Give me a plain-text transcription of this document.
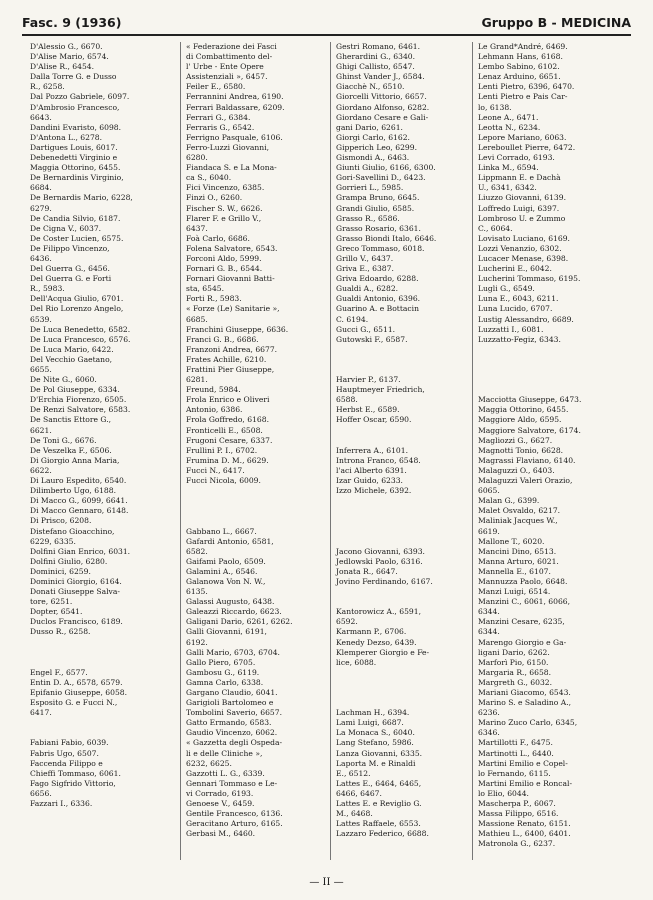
Fasc. 9 (1936)	Gruppo B - MEDICINA
D'Alessio G., 6670.
D'Alise Mario, 6574.
D'Alise R., 6454.
Dalla Torre G. e Dusso
R., 6258.
Dal Pozzo Gabriele, 6097.
D'Ambrosio Francesco,
6643.
Dandini Evaristo, 6098.
D'Antona L., 6278.
Dartigues Louis, 6017.
Debenedetti Virginio e
Maggia Ottorino, 6455.
De Bernardinis Virginio,
6684.
De Bernardis Mario, 6228,
6279.
De Candia Silvio, 6187.
De Cigna V., 6037.
De Coster Lucien, 6575.
De Filippo Vincenzo,
6436.
Del Guerra G., 6456.
Del Guerra G. e Forti
R., 5983.
Dell'Acqua Giulio, 6701.
Del Rio Lorenzo Angelo,
6539.
De Luca Benedetto, 6582.
De Luca Francesco, 6576.
De Luca Mario, 6422.
Del Vecchio Gaetano,
6655.
De Nite G., 6060.
De Pol Giuseppe, 6334.
D'Erchia Fiorenzo, 6505.
De Renzi Salvatore, 6583.
De Sanctis Ettore G.,
6621.
De Toni G., 6676.
De Veszelka F., 6506.
Di Giorgio Anna Maria,
6622.
Di Lauro Espedito, 6540.
Dilimberto Ugo, 6188.
Di Macco G., 6099, 6641.
Di Macco Gennaro, 6148.
Di Prisco, 6208.
Distefano Gioacchino,
6229, 6335.
Dolfini Gian Enrico, 6031.
Dolfini Giulio, 6280.
Dominici, 6259.
Dominici Giorgio, 6164.
Donati Giuseppe Salva-
tore, 6251.
Dopter, 6541.
Duclos Francisco, 6189.
Dusso R., 6258.
Engel F., 6577.
Entin D. A., 6578, 6579.
Epifanio Giuseppe, 6058.
Esposito G. e Fucci N.,
6417.
Fabiani Fabio, 6039.
Fabris Ugo, 6507.
Faccenda Filippo e
Chieffi Tommaso, 6061.
Fago Sigfrido Vittorio,
6656.
Fazzari I., 6336.
« Federazione dei Fasci
di Combattimento del-
l' Urbe - Ente Opere
Assistenziali », 6457.
Feiler E., 6580.
Ferrannini Andrea, 6190.
Ferrari Baldassare, 6209.
Ferrari G., 6384.
Ferraris G., 6542.
Ferrigno Pasquale, 6106.
Ferro-Luzzi Giovanni,
6280.
Fiandaca S. e La Mona-
ca S., 6040.
Fici Vincenzo, 6385.
Finzi O., 6260.
Fischer S. W., 6626.
Flarer F. e Grillo V.,
6437.
Foà Carlo, 6686.
Folena Salvatore, 6543.
Forconi Aldo, 5999.
Fornari G. B., 6544.
Fornari Giovanni Batti-
sta, 6545.
Forti R., 5983.
« Forze (Le) Sanitarie »,
6685.
Franchini Giuseppe, 6636.
Franci G. B., 6686.
Franzoni Andrea, 6677.
Frates Achille, 6210.
Frattini Pier Giuseppe,
6281.
Freund, 5984.
Frola Enrico e Oliveri
Antonio, 6386.
Frola Goffredo, 6168.
Fronticelli E., 6508.
Frugoni Cesare, 6337.
Frullini P. I., 6702.
Frumina D. M., 6629.
Fucci N., 6417.
Fucci Nicola, 6009.
Gabbano L., 6667.
Gafardi Antonio, 6581,
6582.
Gaifami Paolo, 6509.
Galamini A., 6546.
Galanowa Von N. W.,
6135.
Galassi Augusto, 6438.
Galeazzi Riccardo, 6623.
Galigani Dario, 6261, 6262.
Galli Giovanni, 6191,
6192.
Galli Mario, 6703, 6704.
Gallo Piero, 6705.
Gambosu G., 6119.
Gamna Carlo, 6338.
Gargano Claudio, 6041.
Garigioli Bartolomeo e
Tombolini Saverio, 6657.
Gatto Ermando, 6583.
Gaudio Vincenzo, 6062.
« Gazzetta degli Ospeda-
li e delle Cliniche »,
6232, 6625.
Gazzotti L. G., 6339.
Gennari Tommaso e Le-
vi Corrado, 6193.
Genoese V., 6459.
Gentile Francesco, 6136.
Geracitano Arturo, 6165.
Gerbasi M., 6460.
Gestri Romano, 6461.
Gherardini G., 6340.
Ghigi Callisto, 6547.
Ghinst Vander J., 6584.
Giacchè N., 6510.
Giorcelli Vittorio, 6657.
Giordano Alfonso, 6282.
Giordano Cesare e Gali-
gani Dario, 6261.
Giorgi Carlo, 6162.
Gipperich Leo, 6299.
Gismondi A., 6463.
Giunti Giulio, 6166, 6300.
Gori-Savellini D., 6423.
Gorrieri L., 5985.
Grampa Bruno, 6645.
Grandi Giulio, 6585.
Grasso R., 6586.
Grasso Rosario, 6361.
Grasso Biondi Italo, 6646.
Greco Tommaso, 6018.
Grillo V., 6437.
Griva E., 6387.
Griva Edoardo, 6288.
Gualdi A., 6282.
Gualdi Antonio, 6396.
Guarino A. e Bottacin
C. 6194.
Gucci G., 6511.
Gutowski F., 6587.
Harvier P., 6137.
Hauptmeyer Friedrich,
6588.
Herbst E., 6589.
Hoffer Oscar, 6590.
Inferrera A., 6101.
Introna Franco, 6548.
l'aci Alberto 6391.
Izar Guido, 6233.
Izzo Michele, 6392.
Jacono Giovanni, 6393.
Jedlowski Paolo, 6316.
Jonata R., 6647.
Jovino Ferdinando, 6167.
Kantorowicz A., 6591,
6592.
Karmann P., 6706.
Kenedy Dezso, 6439.
Klemperer Giorgio e Fe-
lice, 6088.
Lachman H., 6394.
Lami Luigi, 6687.
La Monaca S., 6040.
Lang Stefano, 5986.
Lanza Giovanni, 6335.
Laporta M. e Rinaldi
E., 6512.
Lattes E., 6464, 6465,
6466, 6467.
Lattes E. e Reviglio G.
M., 6468.
Lattes Raffaele, 6553.
Lazzaro Federico, 6688.
Le Grand*André, 6469.
Lehmann Hans, 6168.
Lembo Sabino, 6102.
Lenaz Arduino, 6651.
Lenti Pietro, 6396, 6470.
Lenti Pietro e Pais Car-
lo, 6138.
Leone A., 6471.
Leotta N., 6234.
Lepore Mariano, 6063.
Lereboullet Pierre, 6472.
Levi Corrado, 6193.
Linka M., 6594.
Lippmann E. e Dachà
U., 6341, 6342.
Liuzzo Giovanni, 6139.
Loffredo Luigi, 6397.
Lombroso U. e Zummo
C., 6064.
Lovisato Luciano, 6169.
Lozzi Venanzio, 6302.
Lucacer Menase, 6398.
Lucherini E., 6042.
Lucherini Tommaso, 6195.
Lugli G., 6549.
Luna E., 6043, 6211.
Luna Lucido, 6707.
Lustig Alessandro, 6689.
Luzzatti I., 6081.
Luzzatto-Fegiz, 6343.
Macciotta Giuseppe, 6473.
Maggia Ottorino, 6455.
Maggiore Aldo, 6595.
Maggiore Salvatore, 6174.
Magliozzi G., 6627.
Magnotti Tonio, 6628.
Magrassi Flaviano, 6140.
Malaguzzi O., 6403.
Malaguzzi Valeri Orazio,
6065.
Malan G., 6399.
Malet Osvaldo, 6217.
Maliniak Jacques W.,
6619.
Mallone T., 6020.
Mancini Dino, 6513.
Manna Arturo, 6021.
Mannella E., 6107.
Mannuzza Paolo, 6648.
Manzi Luigi, 6514.
Manzini C., 6061, 6066,
6344.
Manzini Cesare, 6235,
6344.
Marengo Giorgio e Ga-
ligani Dario, 6262.
Marforì Pio, 6150.
Margaria R., 6658.
Margreth G., 6032.
Mariani Giacomo, 6543.
Marino S. e Saladino A.,
6236.
Marino Zuco Carlo, 6345,
6346.
Martillotti F., 6475.
Martinotti L., 6440.
Martini Emilio e Copel-
lo Fernando, 6115.
Martini Emilio e Roncal-
lo Elio, 6044.
Mascherpa P., 6067.
Massa Filippo, 6516.
Massione Renato, 6151.
Mathieu L., 6400, 6401.
Matronola G., 6237.
— II —
